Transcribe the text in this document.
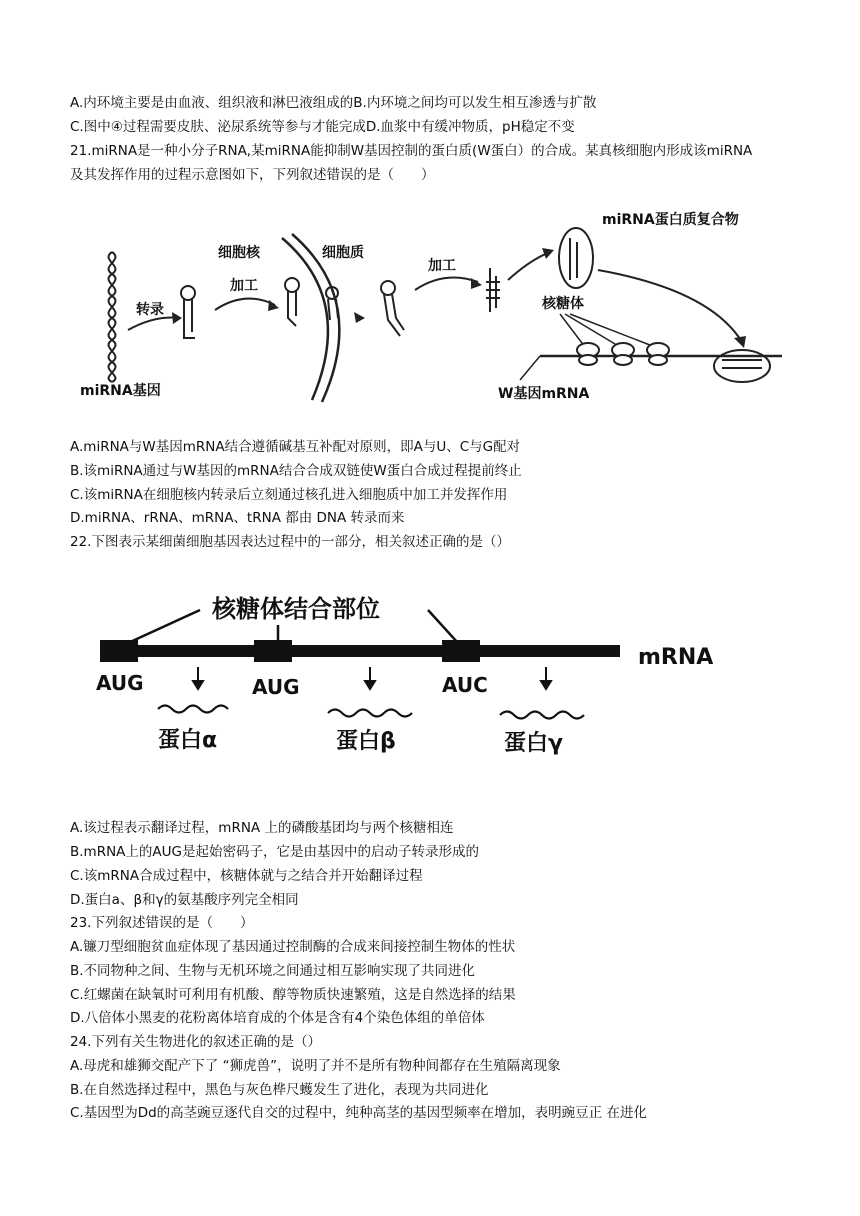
A.内环境主要是由血液、组织液和淋巴液组成的B.内环境之间均可以发生相互渗透与扩散
C.图中④过程需要皮肤、泌尿系统等参与才能完成D.血浆中有缓冲物质，pH稳定不变
21.miRNA是一种小分子RNA,某miRNA能抑制W基因控制的蛋白质(W蛋白）的合成。某真核细胞内形成该miRNA
及其发挥作用的过程示意图如下，下列叙述错误的是（　　）
miRNA基因
转录
加工
细胞核	细胞质
加工
miRNA蛋白质复合物
核糖体
W基因mRNA
A.miRNA与W基因mRNA结合遵循碱基互补配对原则，即A与U、C与G配对
B.该miRNA通过与W基因的mRNA结合合成双链使W蛋白合成过程提前终止
C.该miRNA在细胞核内转录后立刻通过核孔进入细胞质中加工并发挥作用
D.miRNA、rRNA、mRNA、tRNA 都由 DNA 转录而来
22.下图表示某细菌细胞基因表达过程中的一部分，相关叙述正确的是（）
核糖体结合部位
mRNA
AUG	AUG	AUC
蛋白α	蛋白β	蛋白γ
A.该过程表示翻译过程，mRNA 上的磷酸基团均与两个核糖相连
B.mRNA上的AUG是起始密码子，它是由基因中的启动子转录形成的
C.该mRNA合成过程中，核糖体就与之结合并开始翻译过程
D.蛋白a、β和γ的氨基酸序列完全相同
23.下列叙述错误的是（　　）
A.镰刀型细胞贫血症体现了基因通过控制酶的合成来间接控制生物体的性状
B.不同物种之间、生物与无机环境之间通过相互影响实现了共同进化
C.红螺菌在缺氧时可利用有机酸、醇等物质快速繁殖，这是自然选择的结果
D.八倍体小黑麦的花粉离体培育成的个体是含有4个染色体组的单倍体
24.下列有关生物进化的叙述正确的是（）
A.母虎和雄狮交配产下了 “狮虎兽”，说明了并不是所有物种间都存在生殖隔离现象
B.在自然选择过程中，黑色与灰色桦尺蠖发生了进化，表现为共同进化
C.基因型为Dd的高茎豌豆逐代自交的过程中，纯种高茎的基因型频率在增加，表明豌豆正 在进化
